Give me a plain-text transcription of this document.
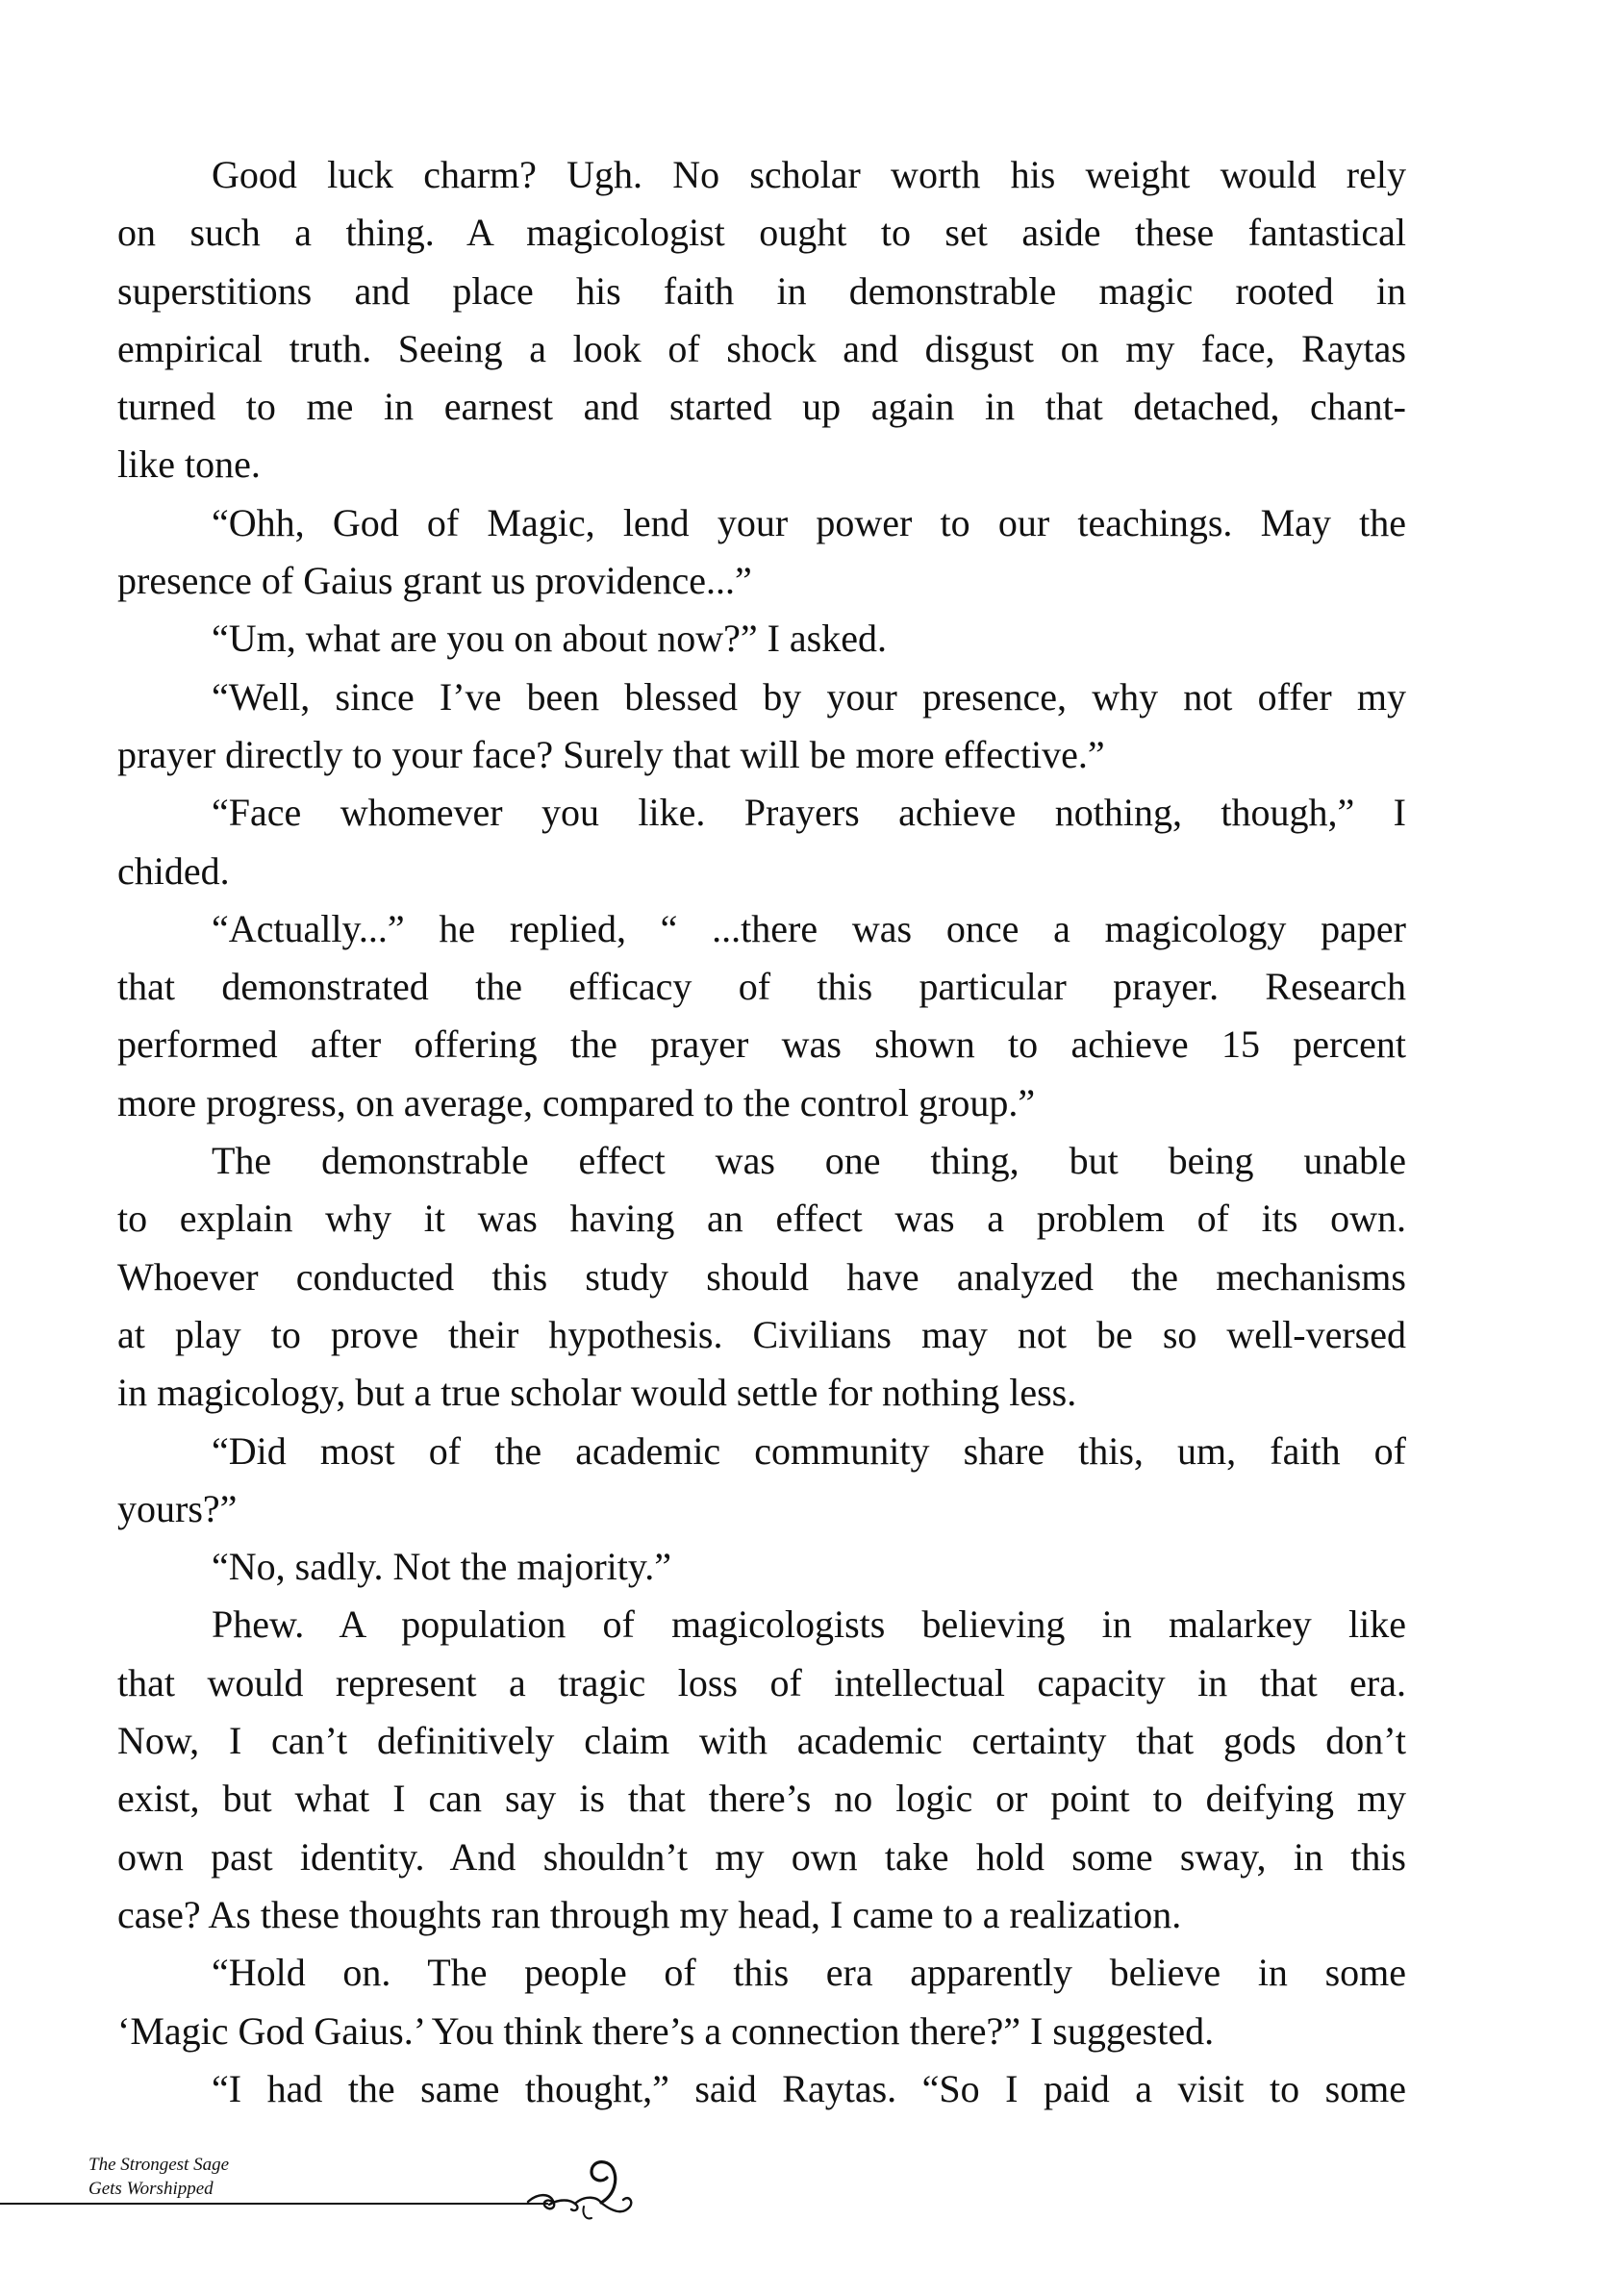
Good luck charm? Ugh. No scholar worth his weight would rely
on such a thing. A magicologist ought to set aside these fantastical
superstitions and place his faith in demonstrable magic rooted in
empirical truth. Seeing a look of shock and disgust on my face, Raytas
turned to me in earnest and started up again in that detached, chant-
like tone.
“Ohh, God of Magic, lend your power to our teachings. May the
presence of Gaius grant us providence...”
“Um, what are you on about now?” I asked.
“Well, since I’ve been blessed by your presence, why not offer my
prayer directly to your face? Surely that will be more effective.”
“Face whomever you like. Prayers achieve nothing, though,” I
chided.
“Actually...” he replied, “ ...there was once a magicology paper
that demonstrated the efficacy of this particular prayer. Research
performed after offering the prayer was shown to achieve 15 percent
more progress, on average, compared to the control group.”
The demonstrable effect was one thing, but being unable
to explain why it was having an effect was a problem of its own.
Whoever conducted this study should have analyzed the mechanisms
at play to prove their hypothesis. Civilians may not be so well-versed
in magicology, but a true scholar would settle for nothing less.
“Did most of the academic community share this, um, faith of
yours?”
“No, sadly. Not the majority.”
Phew. A population of magicologists believing in malarkey like
that would represent a tragic loss of intellectual capacity in that era.
Now, I can’t definitively claim with academic certainty that gods don’t
exist, but what I can say is that there’s no logic or point to deifying my
own past identity. And shouldn’t my own take hold some sway, in this
case? As these thoughts ran through my head, I came to a realization.
“Hold on. The people of this era apparently believe in some
‘Magic God Gaius.’ You think there’s a connection there?” I suggested.
“I had the same thought,” said Raytas. “So I paid a visit to some
The Strongest Sage
Gets Worshipped
